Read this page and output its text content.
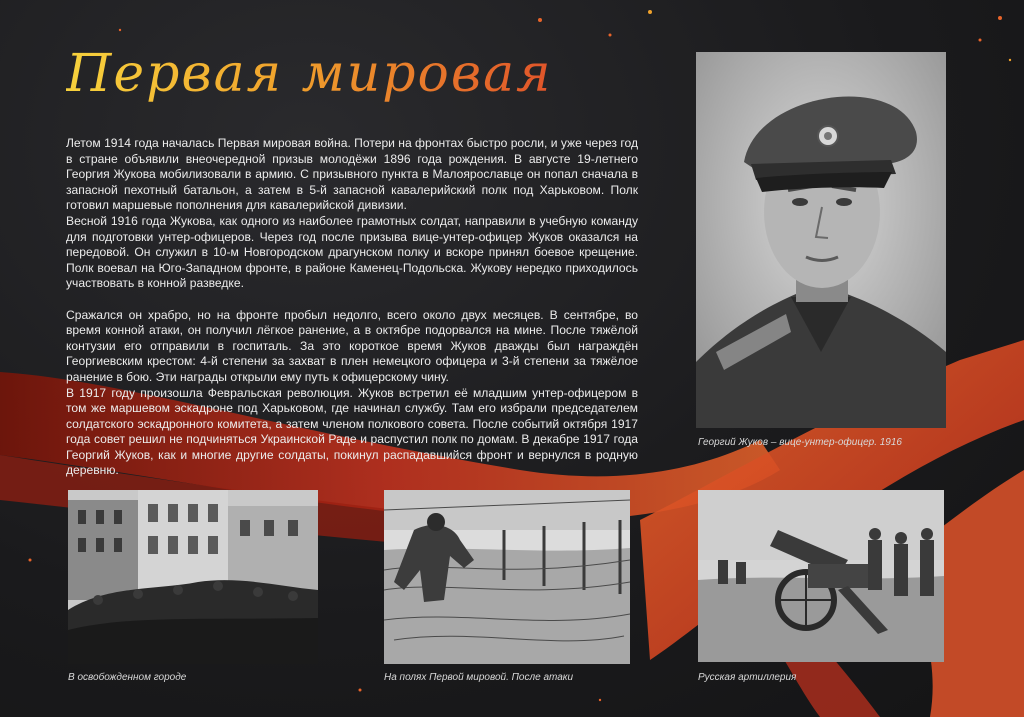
Первая мировая

Летом 1914 года началась Первая мировая война. Потери на фронтах быстро росли, и уже через год в стране объявили внеочередной призыв молодёжи 1896 года рождения. В августе 19-летнего Георгия Жукова мобилизовали в армию. С призывного пункта в Малоярославце он попал сначала в запасной пехотный батальон, а затем в 5-й запасной кавалерийский полк под Харьковом. Полк готовил маршевые пополнения для кавалерийской дивизии.

Весной 1916 года Жукова, как одного из наиболее грамотных солдат, направили в учебную команду для подготовки унтер-офицеров. Через год после призыва вице-унтер-офицер Жуков оказался на передовой. Он служил в 10-м Новгородском драгунском полку и вскоре принял боевое крещение. Полк воевал на Юго-Западном фронте, в районе Каменец-Подольска. Жукову нередко приходилось участвовать в конной разведке.

Сражался он храбро, но на фронте пробыл недолго, всего около двух месяцев. В сентябре, во время конной атаки, он получил лёгкое ранение, а в октябре подорвался на мине. После тяжёлой контузии его отправили в госпиталь. За это короткое время Жуков дважды был награждён Георгиевским крестом: 4-й степени за захват в плен немецкого офицера и 3-й степени за тяжёлое ранение в бою. Эти награды открыли ему путь к офицерскому чину.

В 1917 году произошла Февральская революция. Жуков встретил её младшим унтер-офицером в том же маршевом эскадроне под Харьковом, где начинал службу. Там его избрали председателем солдатского эскадронного комитета, а затем членом полкового совета. После событий октября 1917 года совет решил не подчиняться Украинской Раде и распустил полк по домам. В декабре 1917 года Георгий Жуков, как и многие другие солдаты, покинул распадавшийся фронт и вернулся в родную деревню.

Георгий Жуков – вице-унтер-офицер. 1916
В освобожденном городе	На полях Первой мировой. После атаки	Русская артиллерия
